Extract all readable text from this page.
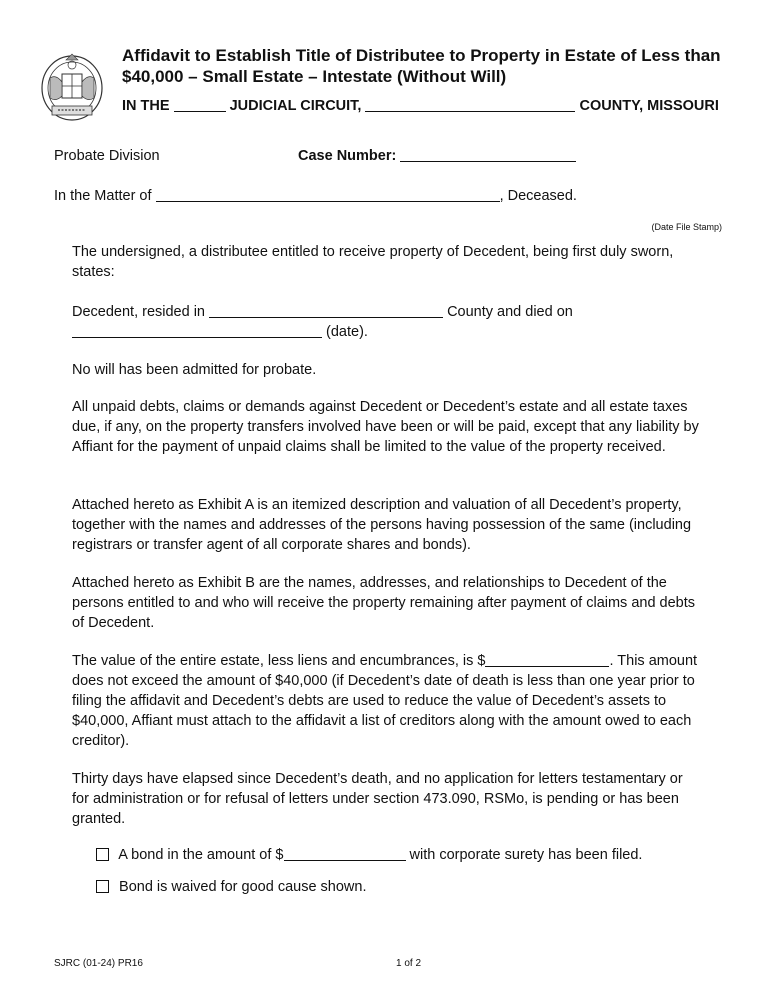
Affidavit to Establish Title of Distributee to Property in Estate of Less than $40,000 – Small Estate – Intestate (Without Will)
IN THE	JUDICIAL CIRCUIT,	COUNTY, MISSOURI
Probate Division	Case Number:
In the Matter of	, Deceased.
(Date File Stamp)

The undersigned, a distributee entitled to receive property of Decedent, being first duly sworn, states:

Decedent, resided in	County and died on
(date).

No will has been admitted for probate.

All unpaid debts, claims or demands against Decedent or Decedent’s estate and all estate taxes due, if any, on the property transfers involved have been or will be paid, except that any liability by Affiant for the payment of unpaid claims shall be limited to the value of the property received.

Attached hereto as Exhibit A is an itemized description and valuation of all Decedent’s property, together with the names and addresses of the persons having possession of the same (including registrars or transfer agent of all corporate shares and bonds).

Attached hereto as Exhibit B are the names, addresses, and relationships to Decedent of the persons entitled to and who will receive the property remaining after payment of claims and debts of Decedent.

The value of the entire estate, less liens and encumbrances, is $	. This amount does not exceed the amount of $40,000 (if Decedent’s date of death is less than one year prior to filing the affidavit and Decedent’s debts are used to reduce the value of Decedent’s assets to $40,000, Affiant must attach to the affidavit a list of creditors along with the amount owed to each creditor).

Thirty days have elapsed since Decedent’s death, and no application for letters testamentary or for administration or for refusal of letters under section 473.090, RSMo, is pending or has been granted.

A bond in the amount of $	with corporate surety has been filed.
Bond is waived for good cause shown.
SJRC (01-24) PR16	1 of 2
